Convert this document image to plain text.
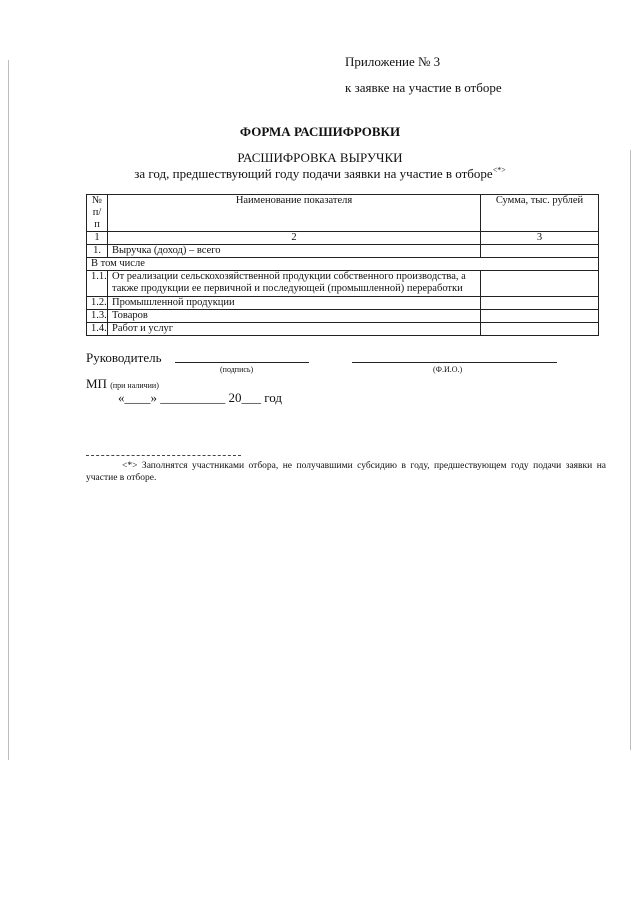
Приложение № 3
к заявке на участие в отборе
ФОРМА РАСШИФРОВКИ
РАСШИФРОВКА ВЫРУЧКИ
за год, предшествующий году подачи заявки на участие в отборе<*>
№ п/п	Наименование показателя	Сумма, тыс. рублей
1	2	3
1.	Выручка (доход) – всего	
В том числе		
1.1.	От реализации сельскохозяйственной продукции собственного производства, а также продукции ее первичной и последующей (промышленной) переработки	
1.2.	Промышленной продукции	
1.3.	Товаров	
1.4.	Работ и услуг	
Руководитель
(подпись)	(Ф.И.О.)
МП (при наличии)
«____» __________ 20___ год
<*> Заполнятся участниками отбора, не получавшими субсидию в году, предшествующем году подачи заявки на участие в отборе.
